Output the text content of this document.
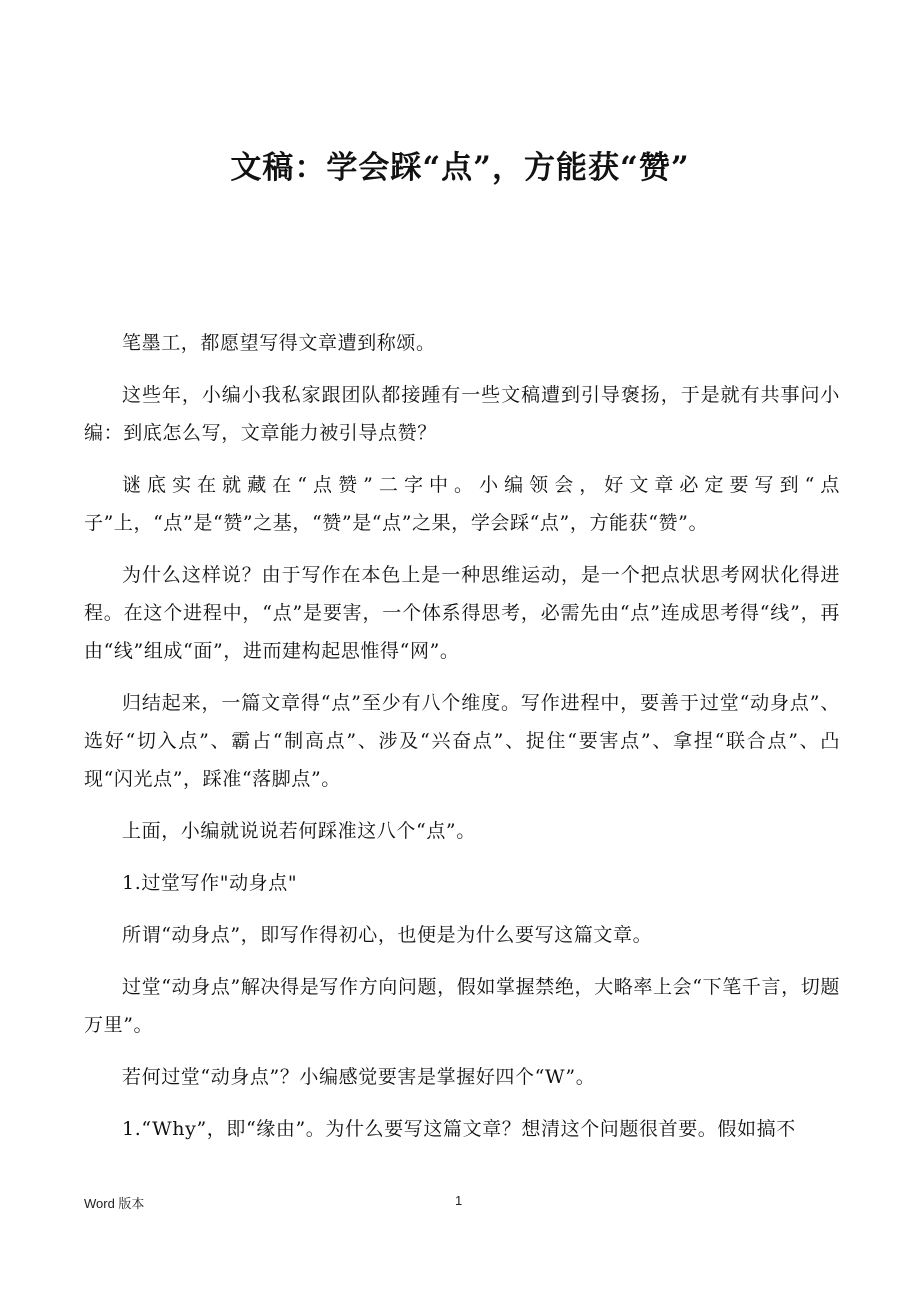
文稿：学会踩“点”，方能获“赞”

笔墨工，都愿望写得文章遭到称颂。

这些年，小编小我私家跟团队都接踵有一些文稿遭到引导褒扬，于是就有共事问小编：到底怎么写，文章能力被引导点赞？

谜底实在就藏在“点赞”二字中。小编领会，好文章必定要写到“点子”上，“点”是“赞”之基，“赞”是“点”之果，学会踩“点”，方能获“赞”。

为什么这样说？由于写作在本色上是一种思维运动，是一个把点状思考网状化得进程。在这个进程中，“点”是要害，一个体系得思考，必需先由“点”连成思考得“线”，再由“线”组成“面”，进而建构起思惟得“网”。

归结起来，一篇文章得“点”至少有八个维度。写作进程中，要善于过堂“动身点”、选好“切入点”、霸占“制高点”、涉及“兴奋点”、捉住“要害点”、拿捏“联合点”、凸现“闪光点”，踩准“落脚点”。

上面，小编就说说若何踩准这八个“点”。

1.过堂写作"动身点"

所谓“动身点”，即写作得初心，也便是为什么要写这篇文章。

过堂“动身点”解决得是写作方向问题，假如掌握禁绝，大略率上会“下笔千言，切题万里”。

若何过堂“动身点”？小编感觉要害是掌握好四个“W”。

1.“Why”，即“缘由”。为什么要写这篇文章？想清这个问题很首要。假如搞不

Word 版本	1
